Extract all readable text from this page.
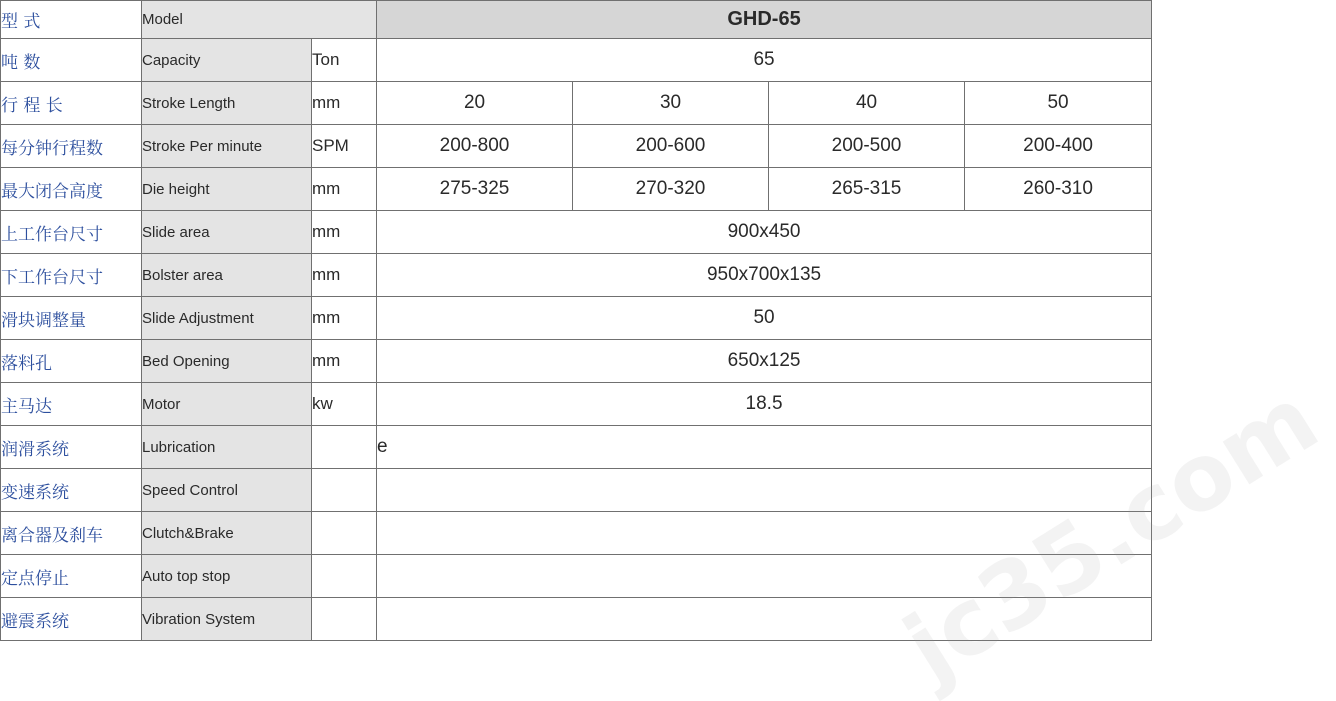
型 式	Model		GHD-65			
吨 数	Capacity	Ton	65			
行 程 长	Stroke Length	mm	20	30	40	50
每分钟行程数	Stroke Per minute	SPM	200-800	200-600	200-500	200-400
最大闭合高度	Die height	mm	275-325	270-320	265-315	260-310
上工作台尺寸	Slide area	mm	900x450			
下工作台尺寸	Bolster area	mm	950x700x135			
滑块调整量	Slide Adjustment	mm	50			
落料孔	Bed Opening	mm	650x125			
主马达	Motor	kw	18.5			
润滑系统	Lubrication		e			
变速系统	Speed Control					
离合器及刹车	Clutch&Brake					
定点停止	Auto top stop					
避震系统	Vibration System					
